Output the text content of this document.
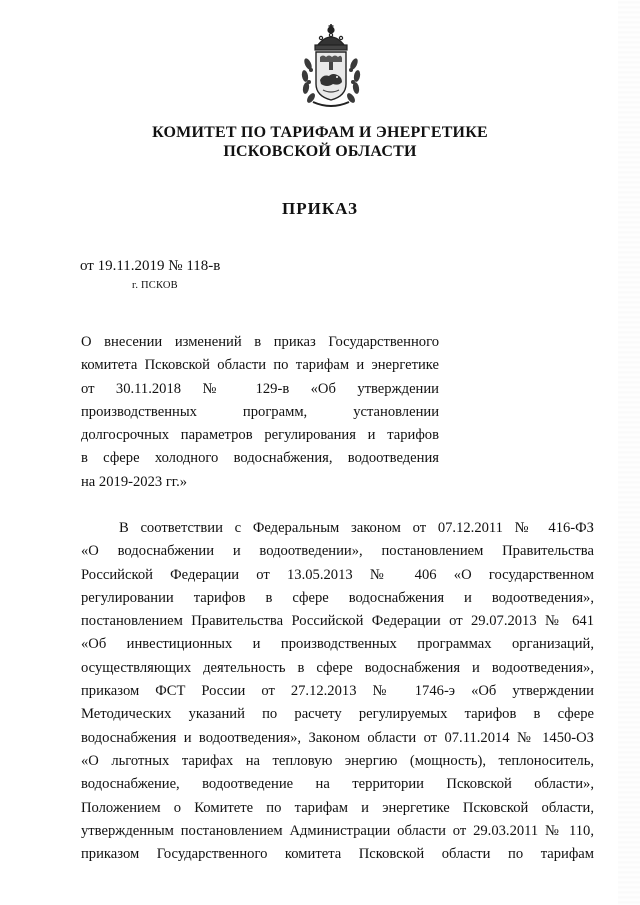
КОМИТЕТ ПО ТАРИФАМ И ЭНЕРГЕТИКЕ
ПСКОВСКОЙ ОБЛАСТИ
ПРИКАЗ
от 19.11.2019 № 118-в
г. ПСКОВ
О внесении изменений в приказ Государственного
комитета Псковской области по тарифам и энергетике
от 30.11.2018 № 129-в «Об утверждении
производственных программ, установлении
долгосрочных параметров регулирования и тарифов
в сфере холодного водоснабжения, водоотведения
на 2019-2023 гг.»
В соответствии с Федеральным законом от 07.12.2011 № 416-ФЗ
«О водоснабжении и водоотведении», постановлением Правительства
Российской Федерации от 13.05.2013 № 406 «О государственном
регулировании тарифов в сфере водоснабжения и водоотведения»,
постановлением Правительства Российской Федерации от 29.07.2013 № 641
«Об инвестиционных и производственных программах организаций,
осуществляющих деятельность в сфере водоснабжения и водоотведения»,
приказом ФСТ России от 27.12.2013 № 1746-э «Об утверждении
Методических указаний по расчету регулируемых тарифов в сфере
водоснабжения и водоотведения», Законом области от 07.11.2014 № 1450-ОЗ
«О льготных тарифах на тепловую энергию (мощность), теплоноситель,
водоснабжение, водоотведение на территории Псковской области»,
Положением о Комитете по тарифам и энергетике Псковской области,
утвержденным постановлением Администрации области от 29.03.2011 № 110,
приказом Государственного комитета Псковской области по тарифам
